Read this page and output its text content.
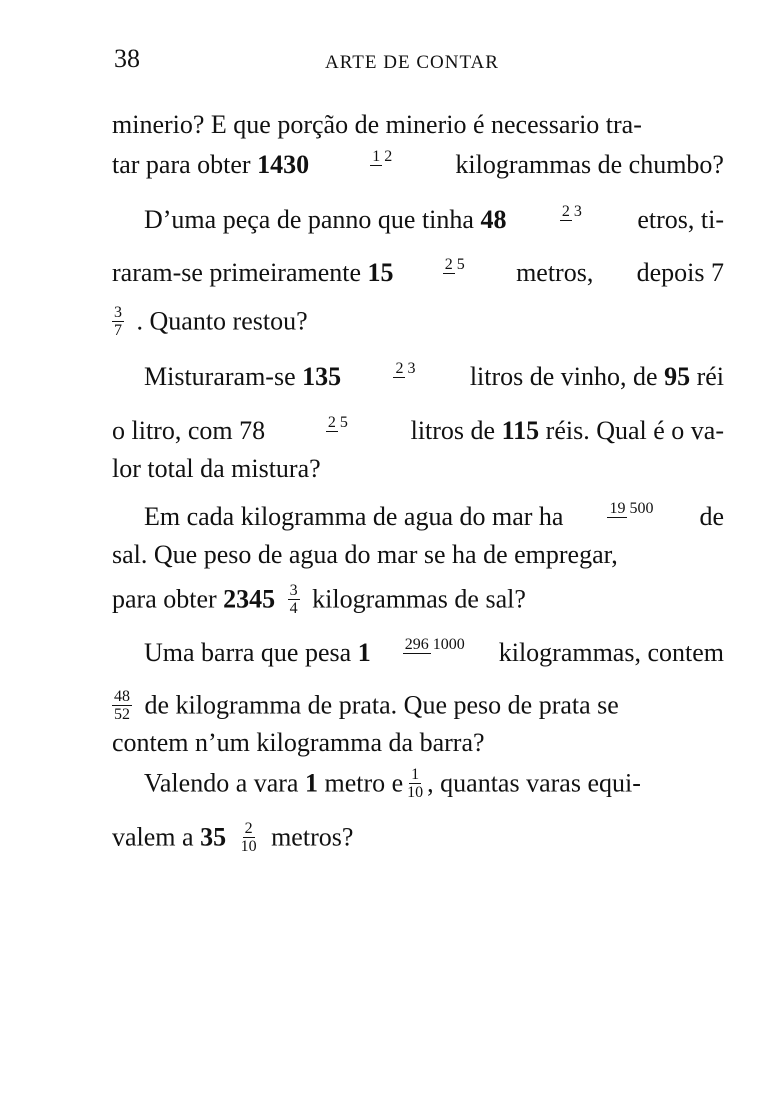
38	ARTE DE CONTAR
minerio? E que porção de minerio é necessario tra-
tar para obter 1430	1 2 kilogrammas de chumbo?
D’uma peça de panno que tinha 48	2 3 etros, ti-
raram-se primeiramente 15	2 5 metros, depois 7
$\frac{3}{7}$ . Quanto restou?
Misturaram-se 135	2 3 litros de vinho, de 95 réi
o litro, com 78	2 5 litros de 115 réis. Qual é o va-
lor total da mistura?
Em cada kilogramma de agua do mar ha	19 500 de
sal. Que peso de agua do mar se ha de empregar,
para obter $2345 \frac{3}{4}$ kilogrammas de sal?
Uma barra que pesa 1 296 1000 kilogrammas, contem
$\frac{48}{52}$ de kilogramma de prata. Que peso de prata se
contem n’um kilogramma da barra?
Valendo a vara 1 metro e $\frac{1}{10}$ , quantas varas equi-
valem a $35 \frac{2}{10}$ metros?
